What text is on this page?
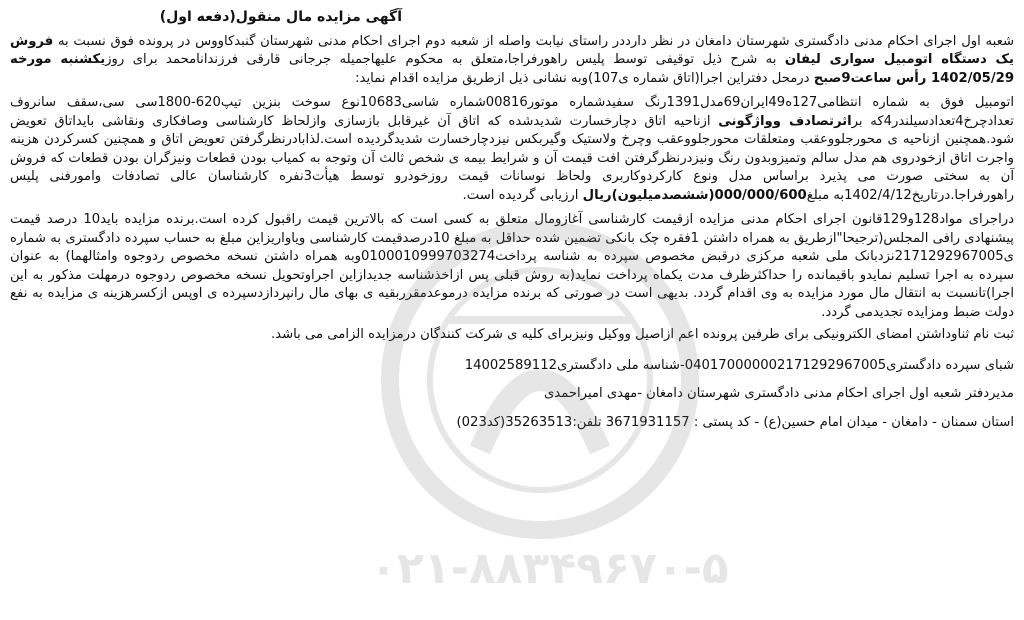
۰۲۱-۸۸۳۴۹۶۷۰-۵
آگهی مزایده مال منقول(دفعه اول)

شعبه اول اجرای احکام مدنی دادگستری شهرستان دامغان در نظر دارددر راستای نیابت واصله از شعبه دوم اجرای احکام مدنی شهرستان گنبدکاووس در پرونده فوق نسبت به فروش یک دستگاه اتومبیل سواری لیفان به شرح ذیل توقیفی توسط پلیس راهورفراجا،متعلق به محکوم علیهاجمیله جرجانی قارقی فرزندانامحمد برای روزیکشنبه مورخه 1402/05/29 رأس ساعت9صبح درمحل دفتراین اجرا(اتاق شماره ی107)وبه نشانی ذیل ازطریق مزایده اقدام نماید:

اتومبیل فوق به شماره انتظامی127ه49ایران69مدل1391رنگ سفیدشماره موتور00816شماره شاسی10683نوع سوخت بنزین تیپ620-1800سی سی،سقف سانروف تعدادچرخ4تعدادسیلندر4که براثرتصادف وواژگونی ازناحیه اتاق دچارخسارت شدیدشده که اتاق آن غیرقابل بازسازی وازلحاظ کارشناسی وصافکاری ونقاشی بایداتاق تعویض شود.همچنین ازناحیه ی محورجلووعقب ومتعلقات محورجلووعقب وچرخ ولاستیک وگیربکس نیزدچارخسارت شدیدگردیده است.لذابادرنظرگرفتن تعویض اتاق و همچنین کسرکردن هزینه واجرت اتاق ازخودروی هم مدل سالم وتمیزوبدون رنگ ونیزدرنظرگرفتن افت قیمت آن و شرایط بیمه ی شخص ثالث آن وتوجه به کمیاب بودن قطعات ونیزگران بودن قطعات که فروش آن به سختی صورت می پذیرد براساس مدل ونوع کارکردوکاربری ولحاظ نوسانات قیمت روزخودرو توسط هیأت3نفره کارشناسان عالی تصادفات وامورفنی پلیس راهورفراجا.درتاریخ1402/4/12به مبلغ000/000/600(ششصدمیلیون)ریال ارزیابی گردیده است.

دراجرای مواد128و129قانون اجرای احکام مدنی مزایده ازقیمت کارشناسی آغازومال متعلق به کسی است که بالاترین قیمت راقبول کرده است.برنده مزایده باید10 درصد قیمت پیشنهادی رافی المجلس(ترجیحا"ازطریق به همراه داشتن 1فقره چک بانکی تضمین شده حداقل به مبلغ 10درصدقیمت کارشناسی ویاواریزاین مبلغ به حساب سپرده دادگستری به شماره ی2171292967005نزدبانک ملی شعبه مرکزی درقبض مخصوص سپرده به شناسه پرداخت0100010999703274وبه همراه داشتن نسخه مخصوص ردوجوه وامثالهما) به عنوان سپرده به اجرا تسلیم نمایدو باقیمانده را حداکثرظرف مدت یکماه پرداخت نماید(به روش قبلی پس ازاخذشناسه جدیدازاین اجراوتحویل نسخه مخصوص ردوجوه درمهلت مذکور به این اجرا)تانسبت به انتقال مال مورد مزایده به وی اقدام گردد. بدیهی است در صورتی که برنده مزایده درموعدمقرربقیه ی بهای مال رانپردازدسپرده ی اوپس ازکسرهزینه ی مزایده به نفع دولت ضبط ومزایده تجدیدمی گردد.

ثبت نام ثناوداشتن امضای الکترونیکی برای طرفین پرونده اعم ازاصیل ووکیل ونیزبرای کلیه ی شرکت کنندگان درمزایده الزامی می باشد.

شبای سپرده دادگستری040170000002171292967005-شناسه ملی دادگستری14002589112

مدیردفتر شعبه اول اجرای احکام مدنی دادگستری شهرستان دامغان -مهدی امیراحمدی

استان سمنان - دامغان - میدان امام حسین(ع) - کد پستی : 3671931157 تلفن:35263513(کد023)
